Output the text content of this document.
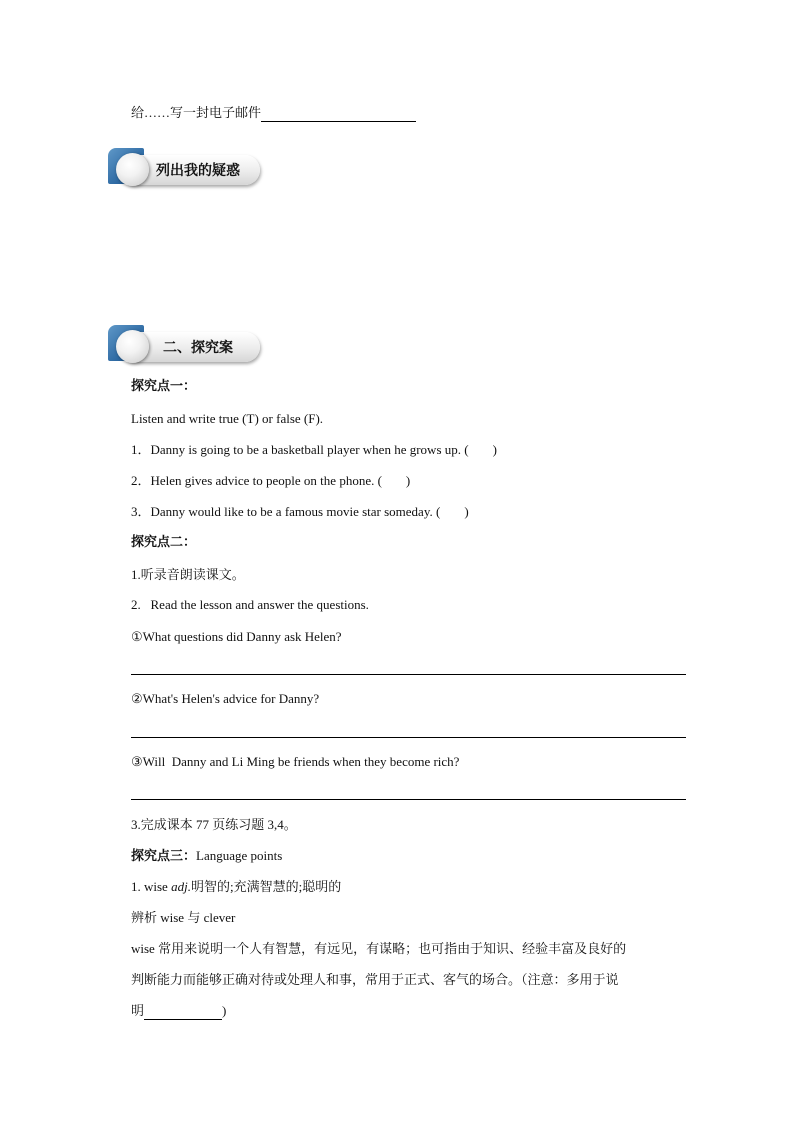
给……写一封电子邮件
列出我的疑惑
二、探究案
探究点一：
Listen and write true (T) or false (F).
1．Danny is going to be a basketball player when he grows up. ( )
2．Helen gives advice to people on the phone. ( )
3．Danny would like to be a famous movie star someday. ( )
探究点二：
1.听录音朗读课文。
2.   Read the lesson and answer the questions.
①What questions did Danny ask Helen?
②What's Helen's advice for Danny?
③Will  Danny and Li Ming be friends when they become rich?
3.完成课本 77 页练习题 3,4。
探究点三：Language points
1. wise adj.明智的;充满智慧的;聪明的
辨析 wise 与 clever
wise 常用来说明一个人有智慧，有远见，有谋略；也可指由于知识、经验丰富及良好的
判断能力而能够正确对待或处理人和事，常用于正式、客气的场合。（注意：多用于说
明	)
